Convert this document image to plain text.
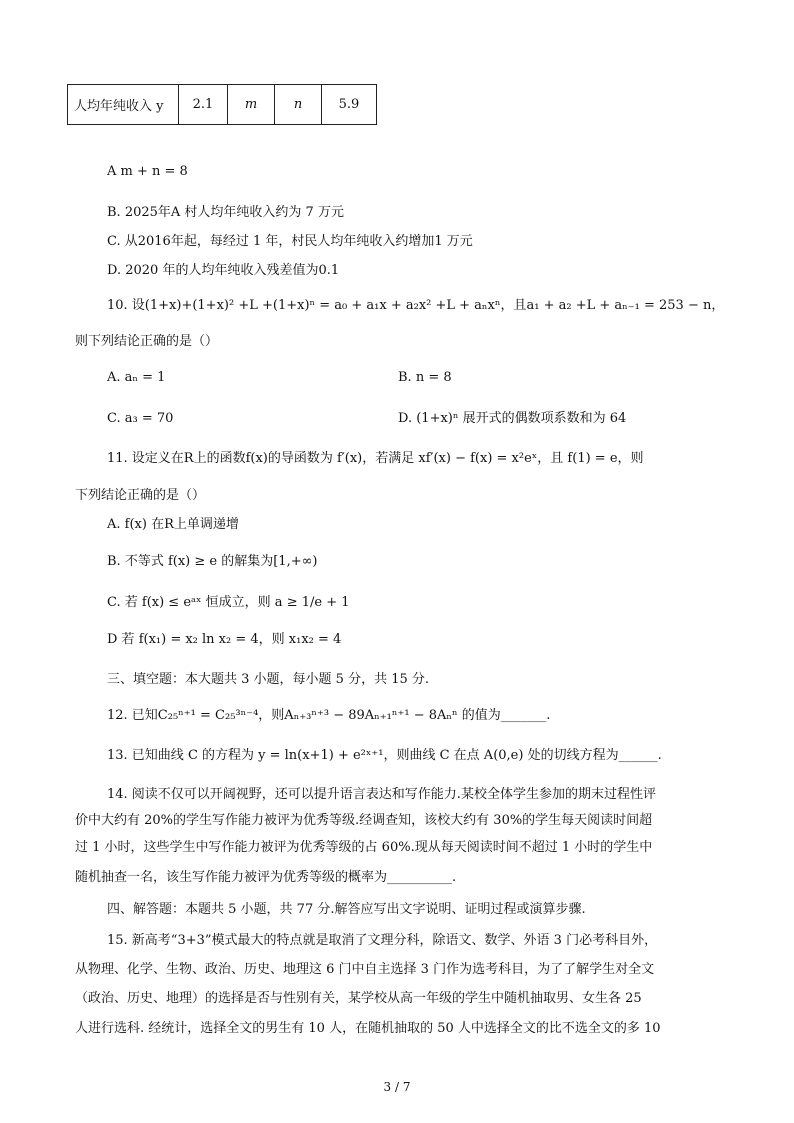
人均年纯收入 y	2.1	m	n	5.9
A m + n = 8
B. 2025年A 村人均年纯收入约为 7 万元
C. 从2016年起，每经过 1 年，村民人均年纯收入约增加1 万元
D. 2020 年的人均年纯收入残差值为0.1
10. 设(1+x)+(1+x)² +L +(1+x)ⁿ = a₀ + a₁x + a₂x² +L + aₙxⁿ，且a₁ + a₂ +L + aₙ₋₁ = 253 − n，
则下列结论正确的是（）
A. aₙ = 1	B. n = 8
C. a₃ = 70	D. (1+x)ⁿ 展开式的偶数项系数和为 64
11. 设定义在R上的函数f(x)的导函数为 f′(x)，若满足 xf′(x) − f(x) = x²eˣ，且 f(1) = e，则
下列结论正确的是（）
A. f(x) 在R上单调递增
B. 不等式 f(x) ≥ e 的解集为[1,+∞)
C. 若 f(x) ≤ eᵃˣ 恒成立，则 a ≥ 1/e + 1
D 若 f(x₁) = x₂ ln x₂ = 4，则 x₁x₂ = 4
三、填空题：本大题共 3 小题，每小题 5 分，共 15 分.
12. 已知C₂₅ⁿ⁺¹ = C₂₅³ⁿ⁻⁴，则Aₙ₊₃ⁿ⁺³ − 89Aₙ₊₁ⁿ⁺¹ − 8Aₙⁿ 的值为_______.
13. 已知曲线 C 的方程为 y = ln(x+1) + e²ˣ⁺¹，则曲线 C 在点 A(0,e) 处的切线方程为______.
14. 阅读不仅可以开阔视野，还可以提升语言表达和写作能力.某校全体学生参加的期末过程性评
价中大约有 20%的学生写作能力被评为优秀等级.经调查知，该校大约有 30%的学生每天阅读时间超
过 1 小时，这些学生中写作能力被评为优秀等级的占 60%.现从每天阅读时间不超过 1 小时的学生中
随机抽查一名，该生写作能力被评为优秀等级的概率为__________.
四、解答题：本题共 5 小题，共 77 分.解答应写出文字说明、证明过程或演算步骤.
15. 新高考“3+3”模式最大的特点就是取消了文理分科，除语文、数学、外语 3 门必考科目外，
从物理、化学、生物、政治、历史、地理这 6 门中自主选择 3 门作为选考科目，为了了解学生对全文
（政治、历史、地理）的选择是否与性别有关，某学校从高一年级的学生中随机抽取男、女生各 25
人进行选科. 经统计，选择全文的男生有 10 人，在随机抽取的 50 人中选择全文的比不选全文的多 10
3 / 7
